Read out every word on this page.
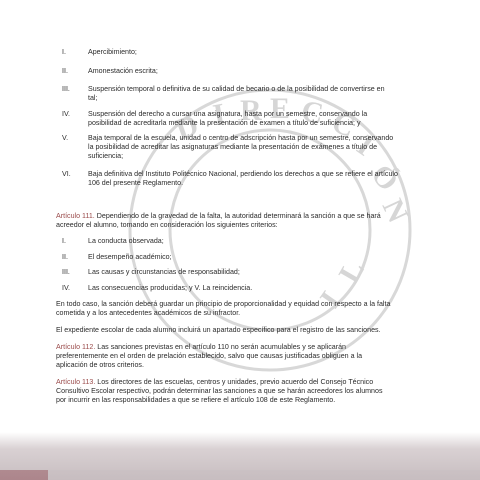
D I R E C C
I
Ó
N
I
L
I.	Apercibimiento;
II.	Amonestación escrita;
III.	Suspensión temporal o definitiva de su calidad de becario o de la posibilidad de convertirse en
tal;
IV.	Suspensión del derecho a cursar una asignatura, hasta por un semestre, conservando la
posibilidad de acreditarla mediante la presentación de examen a título de suficiencia; y
V.	Baja temporal de la escuela, unidad o centro de adscripción hasta por un semestre, conservando
la posibilidad de acreditar las asignaturas mediante la presentación de exámenes a título de
suficiencia;
VI. Baja definitiva del Instituto Politécnico Nacional, perdiendo los derechos a que se refiere el artículo
106 del presente Reglamento.
Artículo 111. Dependiendo de la gravedad de la falta, la autoridad determinará la sanción a que se hará
acreedor el alumno, tomando en consideración los siguientes criterios:
I.	La conducta observada;
II.	El desempeño académico;
III.	Las causas y circunstancias de responsabilidad;
IV.	Las consecuencias producidas; y V. La reincidencia.
En todo caso, la sanción deberá guardar un principio de proporcionalidad y equidad con respecto a la falta
cometida y a los antecedentes académicos de su infractor.
El expediente escolar de cada alumno incluirá un apartado específico para el registro de las sanciones.
Artículo 112. Las sanciones previstas en el artículo 110 no serán acumulables y se aplicarán
preferentemente en el orden de prelación establecido, salvo que causas justificadas obliguen a la
aplicación de otros criterios.
Artículo 113. Los directores de las escuelas, centros y unidades, previo acuerdo del Consejo Técnico
Consultivo Escolar respectivo, podrán determinar las sanciones a que se harán acreedores los alumnos
por incurrir en las responsabilidades a que se refiere el artículo 108 de este Reglamento.
